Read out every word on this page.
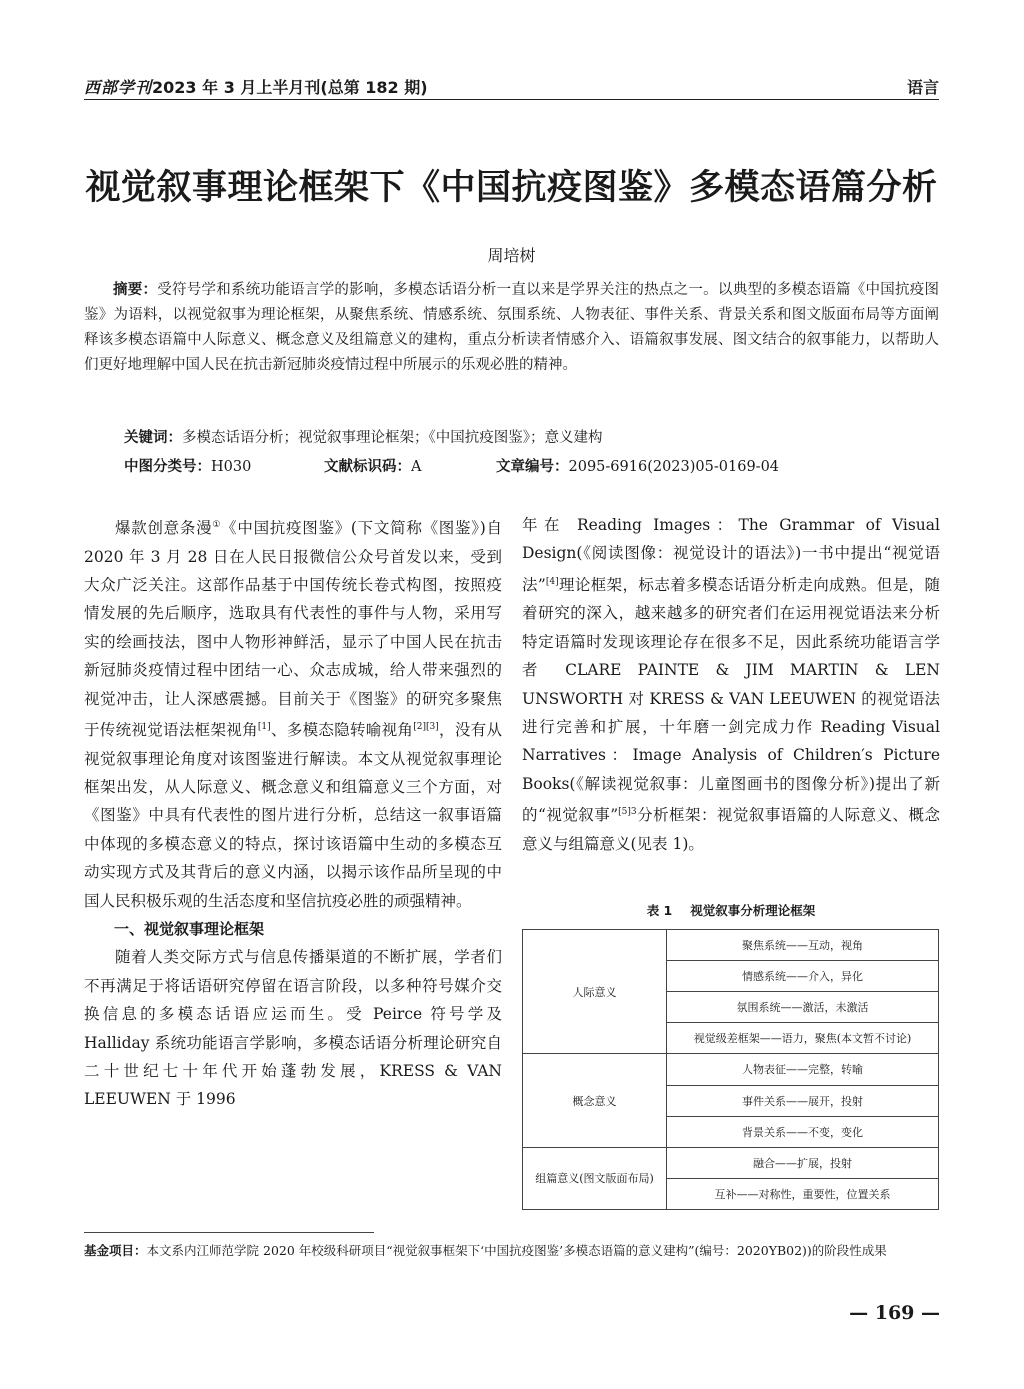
西部学刊2023 年 3 月上半月刊(总第 182 期)	语言
视觉叙事理论框架下《中国抗疫图鉴》多模态语篇分析
周培树

摘要：受符号学和系统功能语言学的影响，多模态话语分析一直以来是学界关注的热点之一。以典型的多模态语篇《中国抗疫图鉴》为语料，以视觉叙事为理论框架，从聚焦系统、情感系统、氛围系统、人物表征、事件关系、背景关系和图文版面布局等方面阐释该多模态语篇中人际意义、概念意义及组篇意义的建构，重点分析读者情感介入、语篇叙事发展、图文结合的叙事能力，以帮助人们更好地理解中国人民在抗击新冠肺炎疫情过程中所展示的乐观必胜的精神。

关键词：多模态话语分析；视觉叙事理论框架；《中国抗疫图鉴》；意义建构
中图分类号：H030	文献标识码：A	文章编号：2095-6916(2023)05-0169-04

爆款创意条漫①《中国抗疫图鉴》(下文简称《图鉴》)自 2020 年 3 月 28 日在人民日报微信公众号首发以来，受到大众广泛关注。这部作品基于中国传统长卷式构图，按照疫情发展的先后顺序，选取具有代表性的事件与人物，采用写实的绘画技法，图中人物形神鲜活，显示了中国人民在抗击新冠肺炎疫情过程中团结一心、众志成城，给人带来强烈的视觉冲击，让人深感震撼。目前关于《图鉴》的研究多聚焦于传统视觉语法框架视角[1]、多模态隐转喻视角[2][3]，没有从视觉叙事理论角度对该图鉴进行解读。本文从视觉叙事理论框架出发，从人际意义、概念意义和组篇意义三个方面，对《图鉴》中具有代表性的图片进行分析，总结这一叙事语篇中体现的多模态意义的特点，探讨该语篇中生动的多模态互动实现方式及其背后的意义内涵，以揭示该作品所呈现的中国人民积极乐观的生活态度和坚信抗疫必胜的顽强精神。

一、视觉叙事理论框架

随着人类交际方式与信息传播渠道的不断扩展，学者们不再满足于将话语研究停留在语言阶段，以多种符号媒介交换信息的多模态话语应运而生。受 Peirce 符号学及 Halliday 系统功能语言学影响，多模态话语分析理论研究自二十世纪七十年代开始蓬勃发展，KRESS & VAN LEEUWEN 于 1996

年在 Reading Images：The Grammar of Visual Design(《阅读图像：视觉设计的语法》)一书中提出“视觉语法”[4]理论框架，标志着多模态话语分析走向成熟。但是，随着研究的深入，越来越多的研究者们在运用视觉语法来分析特定语篇时发现该理论存在很多不足，因此系统功能语言学者 CLARE PAINTE & JIM MARTIN & LEN UNSWORTH 对 KRESS & VAN LEEUWEN 的视觉语法进行完善和扩展，十年磨一剑完成力作 Reading Visual Narratives：Image Analysis of Children′s Picture Books(《解读视觉叙事：儿童图画书的图像分析》)提出了新的“视觉叙事”$^{[5]3}$分析框架：视觉叙事语篇的人际意义、概念意义与组篇意义(见表 1)。

表 1 视觉叙事分析理论框架
人际意义	聚焦系统——互动，视角
	情感系统——介入，异化
	氛围系统——激活，未激活
	视觉级差框架——语力，聚焦(本文暂不讨论)
概念意义	人物表征——完整，转喻
	事件关系——展开，投射
	背景关系——不变，变化
组篇意义(图文版面布局)	融合——扩展，投射
	互补——对称性，重要性，位置关系
基金项目：本文系内江师范学院 2020 年校级科研项目“视觉叙事框架下‘中国抗疫图鉴’多模态语篇的意义建构”(编号：2020YB02))的阶段性成果
— 169 —
